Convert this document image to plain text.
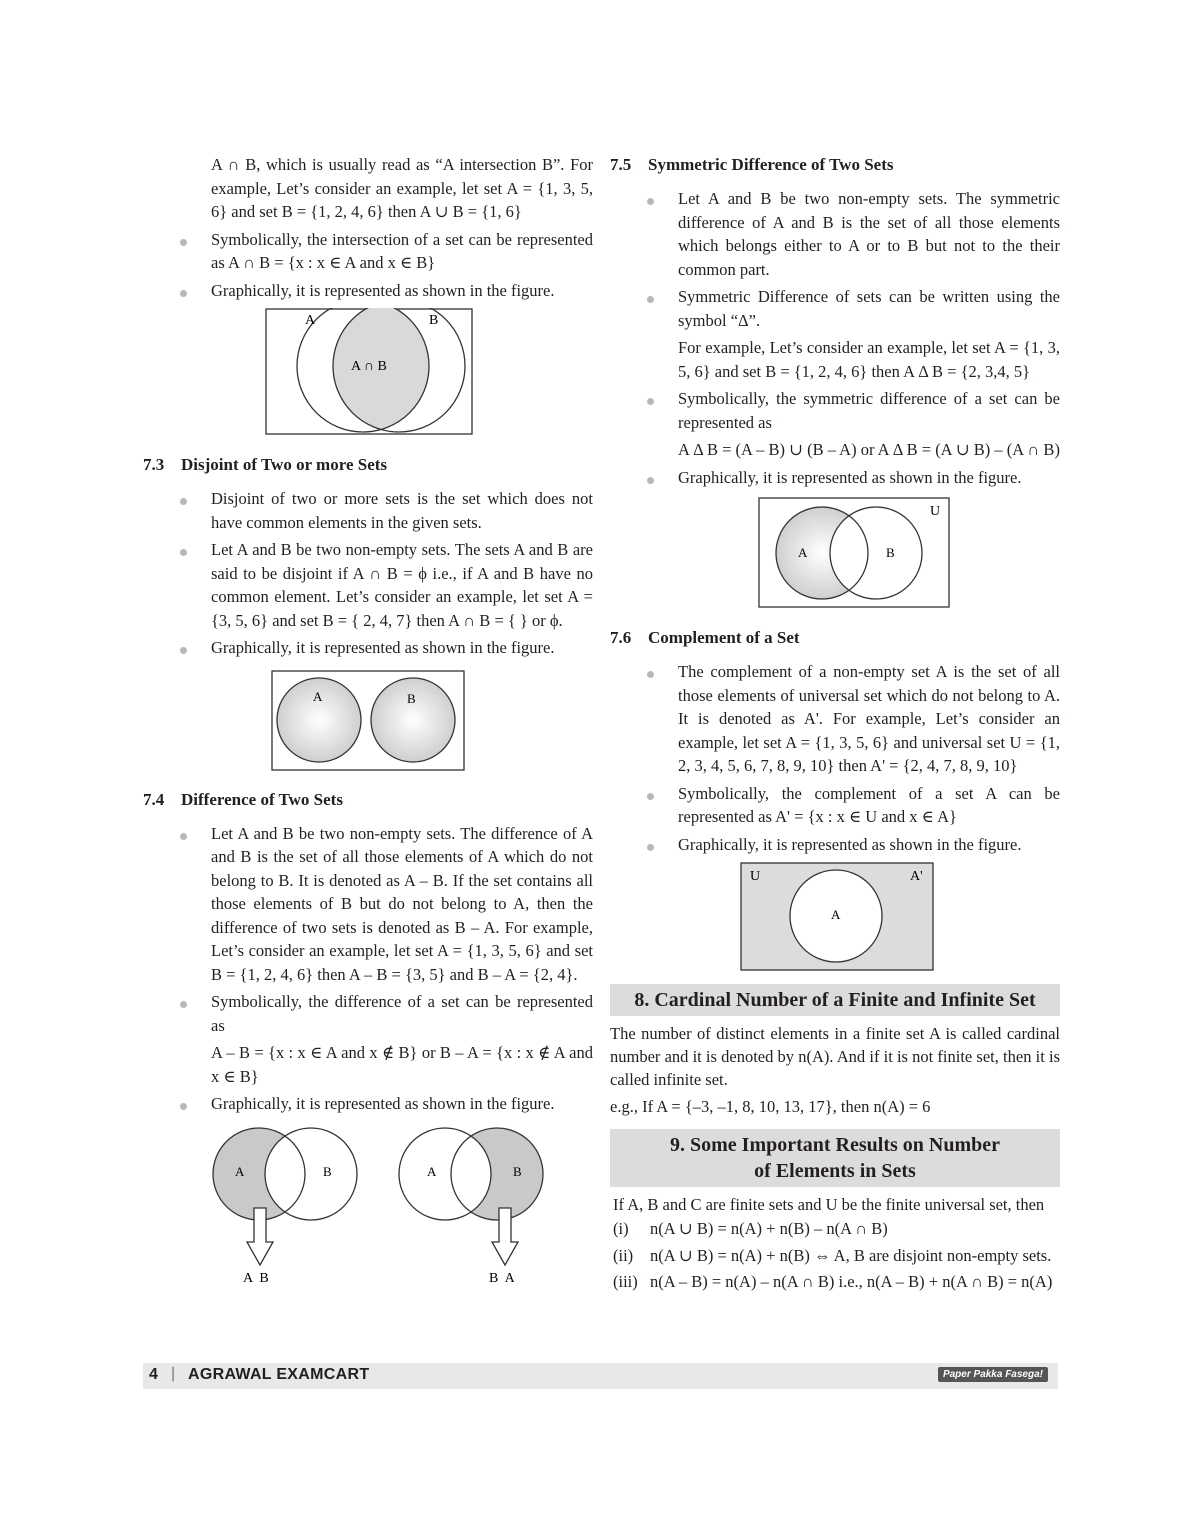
A ∩ B, which is usually read as “A intersection B”. For example, Let’s consider an example, let set A = {1, 3, 5, 6} and set B = {1, 2, 4, 6} then A ∪ B = {1, 6}

Symbolically, the intersection of a set can be represented as A ∩ B = {x : x ∈ A and x ∈ B}
Graphically, it is represented as shown in the figure.
A	B
A ∩ B
7.3 Disjoint of Two or more Sets
Disjoint of two or more sets is the set which does not have common elements in the given sets.
Let A and B be two non-empty sets. The sets A and B are said to be disjoint if A ∩ B = ϕ i.e., if A and B have no common element. Let’s consider an example, let set A = {3, 5, 6} and set B = { 2, 4, 7} then A ∩ B = { } or ϕ.
Graphically, it is represented as shown in the figure.
A	B
7.4 Difference of Two Sets
Let A and B be two non-empty sets. The difference of A and B is the set of all those elements of A which do not belong to B. It is denoted as A – B. If the set contains all those elements of B but do not belong to A, then the difference of two sets is denoted as B – A. For example, Let’s consider an example, let set A = {1, 3, 5, 6} and set B = {1, 2, 4, 6} then A – B = {3, 5} and B – A = {2, 4}.
Symbolically, the difference of a set can be represented as

A – B = {x : x ∈ A and x ∉ B} or B – A = {x : x ∉ A and x ∈ B}

Graphically, it is represented as shown in the figure.
A	B
A  B
A	B
B  A
7.5 Symmetric Difference of Two Sets
Let A and B be two non-empty sets. The symmetric difference of A and B is the set of all those elements which belongs either to A or to B but not to the their common part.
Symmetric Difference of sets can be written using the symbol “Δ”.

For example, Let’s consider an example, let set A = {1, 3, 5, 6} and set B = {1, 2, 4, 6} then A Δ B = {2, 3,4, 5}

Symbolically, the symmetric difference of a set can be represented as

A Δ B = (A – B) ∪ (B – A) or A Δ B = (A ∪ B) – (A ∩ B)

Graphically, it is represented as shown in the figure.
U
A	B
7.6 Complement of a Set
The complement of a non-empty set A is the set of all those elements of universal set which do not belong to A. It is denoted as A'. For example, Let’s consider an example, let set A = {1, 3, 5, 6} and universal set U = {1, 2, 3, 4, 5, 6, 7, 8, 9, 10} then A' = {2, 4, 7, 8, 9, 10}
Symbolically, the complement of a set A can be represented as A' = {x : x ∈ U and x ∈ A}
Graphically, it is represented as shown in the figure.
U	A'
A
8. Cardinal Number of a Finite and Infinite Set

The number of distinct elements in a finite set A is called cardinal number and it is denoted by n(A). And if it is not finite set, then it is called infinite set.

e.g., If A = {–3, –1, 8, 10, 13, 17}, then n(A) = 6

9. Some Important Results on Number
of Elements in Sets

If A, B and C are finite sets and U be the finite universal set, then

(i) n(A ∪ B) = n(A) + n(B) – n(A ∩ B)
(ii) n(A ∪ B) = n(A) + n(B) ⇔ A, B are disjoint non-empty sets.
(iii) n(A – B) = n(A) – n(A ∩ B) i.e., n(A – B) + n(A ∩ B) = n(A)
4 | AGRAWAL EXAMCART	Paper Pakka Fasega!
